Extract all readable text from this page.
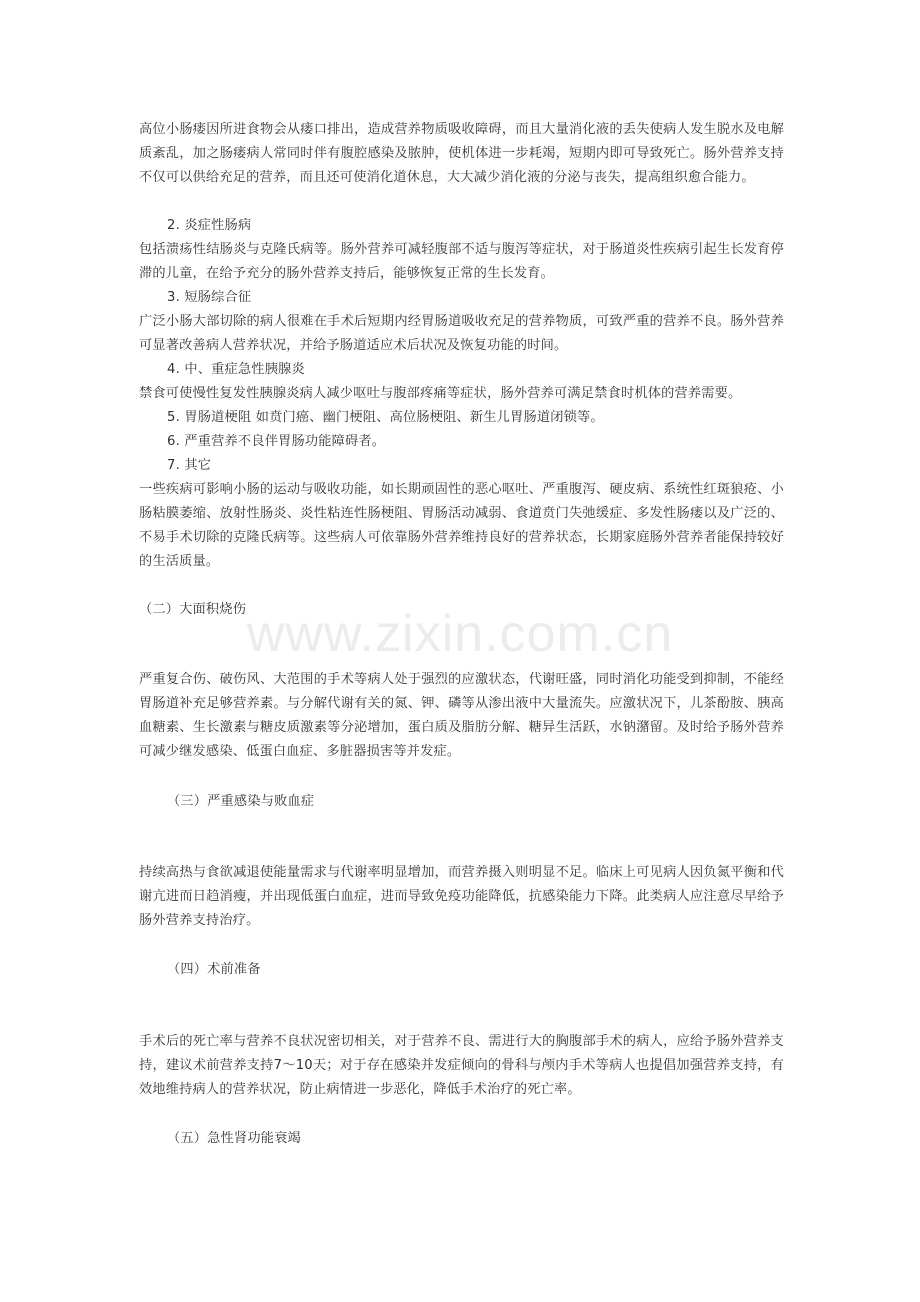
www.zixin.com.cn
高位小肠瘘因所进食物会从瘘口排出，造成营养物质吸收障碍，而且大量消化液的丢失使病人发生脱水及电解质紊乱，加之肠瘘病人常同时伴有腹腔感染及脓肿，使机体进一步耗竭，短期内即可导致死亡。肠外营养支持不仅可以供给充足的营养，而且还可使消化道休息，大大减少消化液的分泌与丧失，提高组织愈合能力。
2. 炎症性肠病
包括溃疡性结肠炎与克隆氏病等。肠外营养可减轻腹部不适与腹泻等症状，对于肠道炎性疾病引起生长发育停滞的儿童，在给予充分的肠外营养支持后，能够恢复正常的生长发育。
3. 短肠综合征
广泛小肠大部切除的病人很难在手术后短期内经胃肠道吸收充足的营养物质，可致严重的营养不良。肠外营养可显著改善病人营养状况，并给予肠道适应术后状况及恢复功能的时间。
4. 中、重症急性胰腺炎
禁食可使慢性复发性胰腺炎病人减少呕吐与腹部疼痛等症状，肠外营养可满足禁食时机体的营养需要。
5. 胃肠道梗阻 如贲门癌、幽门梗阻、高位肠梗阻、新生儿胃肠道闭锁等。
6. 严重营养不良伴胃肠功能障碍者。
7. 其它
一些疾病可影响小肠的运动与吸收功能，如长期顽固性的恶心呕吐、严重腹泻、硬皮病、系统性红斑狼疮、小肠粘膜萎缩、放射性肠炎、炎性粘连性肠梗阻、胃肠活动减弱、食道贲门失弛缓症、多发性肠瘘以及广泛的、不易手术切除的克隆氏病等。这些病人可依靠肠外营养维持良好的营养状态，长期家庭肠外营养者能保持较好的生活质量。
（二）大面积烧伤
严重复合伤、破伤风、大范围的手术等病人处于强烈的应激状态，代谢旺盛，同时消化功能受到抑制，不能经胃肠道补充足够营养素。与分解代谢有关的氮、钾、磷等从渗出液中大量流失。应激状况下，儿茶酚胺、胰高血糖素、生长激素与糖皮质激素等分泌增加，蛋白质及脂肪分解、糖异生活跃，水钠潴留。及时给予肠外营养可减少继发感染、低蛋白血症、多脏器损害等并发症。
（三）严重感染与败血症
持续高热与食欲减退使能量需求与代谢率明显增加，而营养摄入则明显不足。临床上可见病人因负氮平衡和代谢亢进而日趋消瘦，并出现低蛋白血症，进而导致免疫功能降低，抗感染能力下降。此类病人应注意尽早给予肠外营养支持治疗。
（四）术前准备
手术后的死亡率与营养不良状况密切相关，对于营养不良、需进行大的胸腹部手术的病人，应给予肠外营养支持，建议术前营养支持7～10天；对于存在感染并发症倾向的骨科与颅内手术等病人也提倡加强营养支持，有效地维持病人的营养状况，防止病情进一步恶化，降低手术治疗的死亡率。
（五）急性肾功能衰竭
